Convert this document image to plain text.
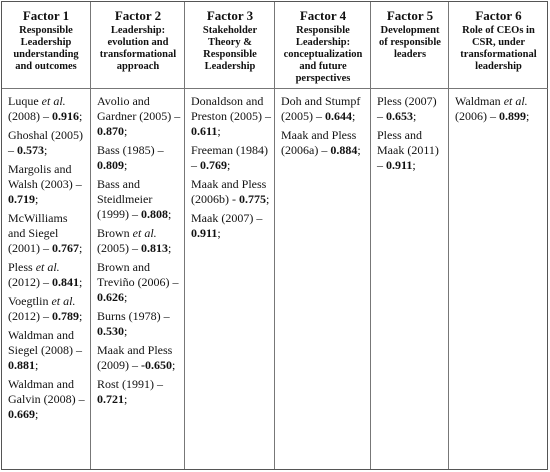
Factor 1
Responsible Leadership understanding and outcomes
Luque et al. (2008) – 0.916;
Ghoshal (2005) – 0.573;
Margolis and Walsh (2003) – 0.719;
McWilliams and Siegel (2001) – 0.767;
Pless et al. (2012) – 0.841;
Voegtlin et al. (2012) – 0.789;
Waldman and Siegel (2008) – 0.881;
Waldman and Galvin (2008) – 0.669;
Factor 2
Leadership: evolution and transformational approach
Avolio and Gardner (2005) – 0.870;
Bass (1985) – 0.809;
Bass and Steidlmeier (1999) – 0.808;
Brown et al. (2005) – 0.813;
Brown and Treviño (2006) – 0.626;
Burns (1978) – 0.530;
Maak and Pless (2009) – -0.650;
Rost (1991) – 0.721;
Factor 3
Stakeholder Theory & Responsible Leadership
Donaldson and Preston (2005) – 0.611;
Freeman (1984) – 0.769;
Maak and Pless (2006b) - 0.775;
Maak (2007) – 0.911;
Factor 4
Responsible Leadership: conceptualization and future perspectives
Doh and Stumpf (2005) – 0.644;
Maak and Pless (2006a) – 0.884;
Factor 5
Development of responsible leaders
Pless (2007) – 0.653;
Pless and Maak (2011) – 0.911;
Factor 6
Role of CEOs in CSR, under transformational leadership
Waldman et al. (2006) – 0.899;
